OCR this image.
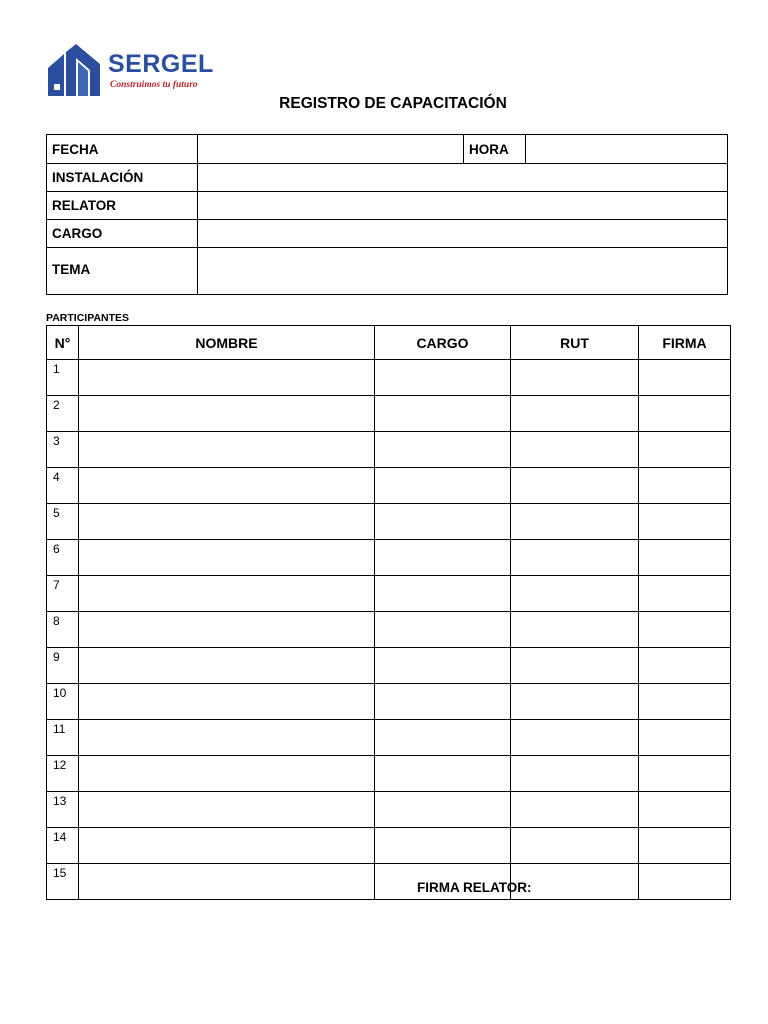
SERGEL
Construimos tu futuro
REGISTRO DE CAPACITACIÓN
FECHA		HORA	
INSTALACIÓN			
RELATOR			
CARGO			
TEMA			
PARTICIPANTES
N°	NOMBRE	CARGO	RUT	FIRMA
1				
2				
3				
4				
5				
6				
7				
8				
9				
10				
11				
12				
13				
14				
15				
FIRMA RELATOR:
